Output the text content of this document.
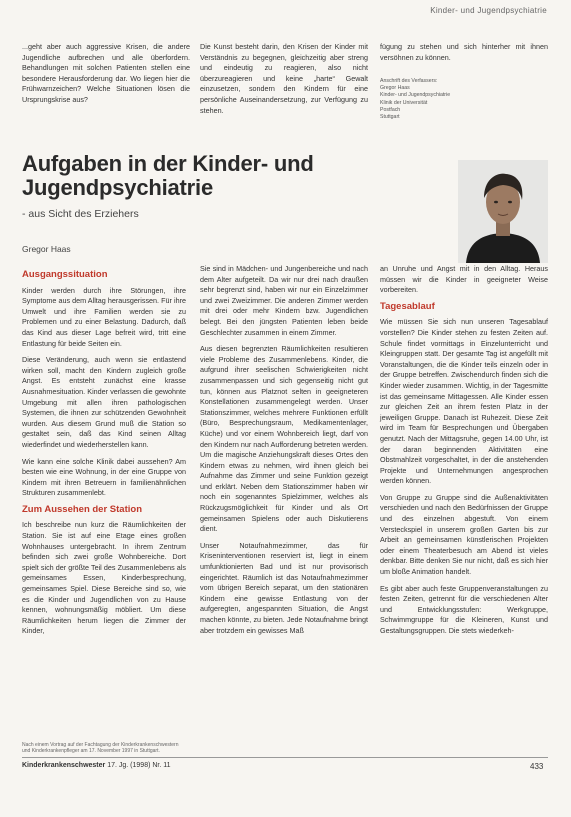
Kinder- und Jugendpsychiatrie

...geht aber auch aggressive Krisen, die andere Jugendliche aufbrechen und alle überfordern. Behandlungen mit solchen Patienten stellen eine besondere Herausforderung dar. Wo liegen hier die Frühwarnzeichen? Welche Situationen lösen die Ursprungskrise aus?

Die Kunst besteht darin, den Krisen der Kinder mit Verständnis zu begegnen, gleichzeitig aber streng und eindeutig zu reagieren, also nicht überzureagieren und keine „harte“ Gewalt einzusetzen, sondern den Kindern für eine persönliche Auseinandersetzung, zur Verfügung zu stehen.

fügung zu stehen und sich hinterher mit ihnen versöhnen zu können.

Anschrift des Verfassers:
Gregor Haas
Kinder- und Jugendpsychiatrie
Klinik der Universität
Postfach
Stuttgart
Aufgaben in der Kinder- und Jugendpsychiatrie
- aus Sicht des Erziehers
Gregor Haas
Ausgangssituation

Kinder werden durch ihre Störungen, ihre Symptome aus dem Alltag herausgerissen. Für ihre Umwelt und ihre Familien werden sie zu Problemen und zu einer Belastung. Dadurch, daß das Kind aus dieser Lage befreit wird, tritt eine Entlastung für beide Seiten ein.

Diese Veränderung, auch wenn sie entlastend wirken soll, macht den Kindern zugleich große Angst. Es entsteht zunächst eine krasse Ausnahmesituation. Kinder verlassen die gewohnte Umgebung mit allen ihren pathologischen Systemen, die ihnen zur schützenden Gewohnheit wurden. Aus diesem Grund muß die Station so gestaltet sein, daß das Kind seinen Alltag wiederfindet und wiederherstellen kann.

Wie kann eine solche Klinik dabei aussehen? Am besten wie eine Wohnung, in der eine Gruppe von Kindern mit ihren Betreuern in familienähnlichen Strukturen zusammenlebt.

Zum Aussehen der Station

Ich beschreibe nun kurz die Räumlichkeiten der Station. Sie ist auf eine Etage eines großen Wohnhauses untergebracht. In ihrem Zentrum befinden sich zwei große Wohnbereiche. Dort spielt sich der größte Teil des Zusammenlebens als gemeinsames Essen, Kinderbesprechung, gemeinsames Spiel. Diese Bereiche sind so, wie es die Kinder und Jugendlichen von zu Hause kennen, wohnungsmäßig möbliert. Um diese Räumlichkeiten herum liegen die Zimmer der Kinder,

Nach einem Vortrag auf der Fachtagung der Kinderkrankenschwestern und Kinderkrankenpfleger am 17. November 1997 in Stuttgart.

Sie sind in Mädchen- und Jungenbereiche und nach dem Alter aufgeteilt. Da wir nur drei nach draußen sehr begrenzt sind, haben wir nur ein Einzelzimmer und zwei Zweizimmer. Die anderen Zimmer werden mit drei oder mehr Kindern bzw. Jugendlichen belegt. Bei den jüngsten Patienten leben beide Geschlechter zusammen in einem Zimmer.

Aus diesen begrenzten Räumlichkeiten resultieren viele Probleme des Zusammenlebens. Kinder, die aufgrund ihrer seelischen Schwierigkeiten nicht zusammenpassen und sich gegenseitig nicht gut tun, können aus Platznot selten in geeigneteren Konstellationen zusammengelegt werden. Unser Stationszimmer, welches mehrere Funktionen erfüllt (Büro, Besprechungsraum, Medikamentenlager, Küche) und vor einem Wohnbereich liegt, darf von den Kindern nur nach Aufforderung betreten werden. Um die magische Anziehungskraft dieses Ortes den Kindern etwas zu nehmen, wird ihnen gleich bei Aufnahme das Zimmer und seine Funktion gezeigt und erklärt. Neben dem Stationszimmer haben wir noch ein sogenanntes Spielzimmer, welches als Rückzugsmöglichkeit für Kinder und als Ort gemeinsamen Spielens oder auch Diskutierens dient.

Unser Notaufnahmezimmer, das für Kriseninterventionen reserviert ist, liegt in einem umfunktionierten Bad und ist nur provisorisch eingerichtet. Räumlich ist das Notaufnahmezimmer vom übrigen Bereich separat, um den stationären Kindern eine gewisse Entlastung von der aufgeregten, angespannten Situation, die Angst machen könnte, zu bieten. Jede Notaufnahme bringt aber trotzdem ein gewisses Maß

an Unruhe und Angst mit in den Alltag. Heraus müssen wir die Kinder in geeigneter Weise vorbereiten.

Tagesablauf

Wie müssen Sie sich nun unseren Tagesablauf vorstellen? Die Kinder stehen zu festen Zeiten auf. Schule findet vormittags in Einzelunterricht und Kleingruppen statt. Der gesamte Tag ist angefüllt mit Voranstaltungen, die die Kinder teils einzeln oder in der Gruppe betreffen. Zwischendurch finden sich die Kinder wieder zusammen. Wichtig, in der Tagesmitte ist das gemeinsame Mittagessen. Alle Kinder essen zur gleichen Zeit an ihrem festen Platz in der jeweiligen Gruppe. Danach ist Ruhezeit. Diese Zeit wird im Team für Besprechungen und Übergaben genutzt. Nach der Mittagsruhe, gegen 14.00 Uhr, ist der daran beginnenden Aktivitäten eine Obstmahlzeit vorgeschaltet, in der die anstehenden Projekte und Unternehmungen angesprochen werden können.

Von Gruppe zu Gruppe sind die Außenaktivitäten verschieden und nach den Bedürfnissen der Gruppe und des einzelnen abgestuft. Von einem Versteckspiel in unserem großen Garten bis zur Arbeit an gemeinsamen künstlerischen Projekten oder einem Theaterbesuch am Abend ist vieles denkbar. Bitte denken Sie nur nicht, daß es sich hier um bloße Animation handelt.

Es gibt aber auch feste Gruppenveranstaltungen zu festen Zeiten, getrennt für die verschiedenen Alter und Entwicklungsstufen: Werkgruppe, Schwimmgruppe für die Kleineren, Kunst und Gestaltungsgruppen. Die stets wiederkeh-

Kinderkrankenschwester 17. Jg. (1998) Nr. 11	433
